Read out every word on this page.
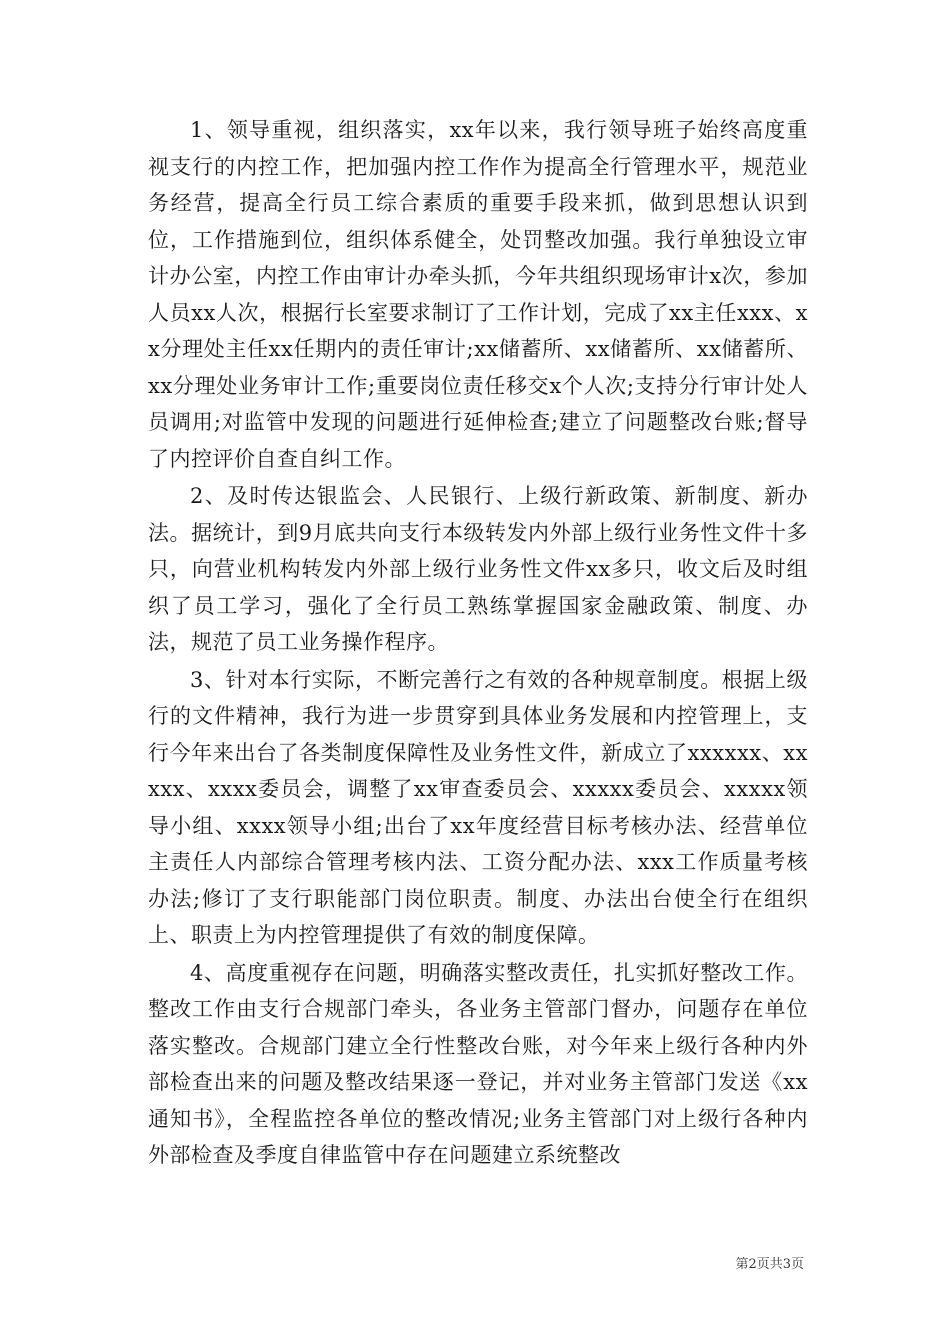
1、领导重视，组织落实，xx年以来，我行领导班子始终高度重视支行的内控工作，把加强内控工作作为提高全行管理水平，规范业务经营，提高全行员工综合素质的重要手段来抓，做到思想认识到位，工作措施到位，组织体系健全，处罚整改加强。我行单独设立审计办公室，内控工作由审计办牵头抓，今年共组织现场审计x次，参加人员xx人次，根据行长室要求制订了工作计划，完成了xx主任xxx、xx分理处主任xx任期内的责任审计;xx储蓄所、xx储蓄所、xx储蓄所、xx分理处业务审计工作;重要岗位责任移交x个人次;支持分行审计处人员调用;对监管中发现的问题进行延伸检查;建立了问题整改台账;督导了内控评价自查自纠工作。

2、及时传达银监会、人民银行、上级行新政策、新制度、新办法。据统计，到9月底共向支行本级转发内外部上级行业务性文件十多只，向营业机构转发内外部上级行业务性文件xx多只，收文后及时组织了员工学习，强化了全行员工熟练掌握国家金融政策、制度、办法，规范了员工业务操作程序。

3、针对本行实际，不断完善行之有效的各种规章制度。根据上级行的文件精神，我行为进一步贯穿到具体业务发展和内控管理上，支行今年来出台了各类制度保障性及业务性文件，新成立了xxxxxx、xxxxx、xxxx委员会，调整了xx审查委员会、xxxxx委员会、xxxxx领导小组、xxxx领导小组;出台了xx年度经营目标考核办法、经营单位主责任人内部综合管理考核内法、工资分配办法、xxx工作质量考核办法;修订了支行职能部门岗位职责。制度、办法出台使全行在组织上、职责上为内控管理提供了有效的制度保障。

4、高度重视存在问题，明确落实整改责任，扎实抓好整改工作。整改工作由支行合规部门牵头，各业务主管部门督办，问题存在单位落实整改。合规部门建立全行性整改台账，对今年来上级行各种内外部检查出来的问题及整改结果逐一登记，并对业务主管部门发送《xx通知书》，全程监控各单位的整改情况;业务主管部门对上级行各种内外部检查及季度自律监管中存在问题建立系统整改

第2页共3页
